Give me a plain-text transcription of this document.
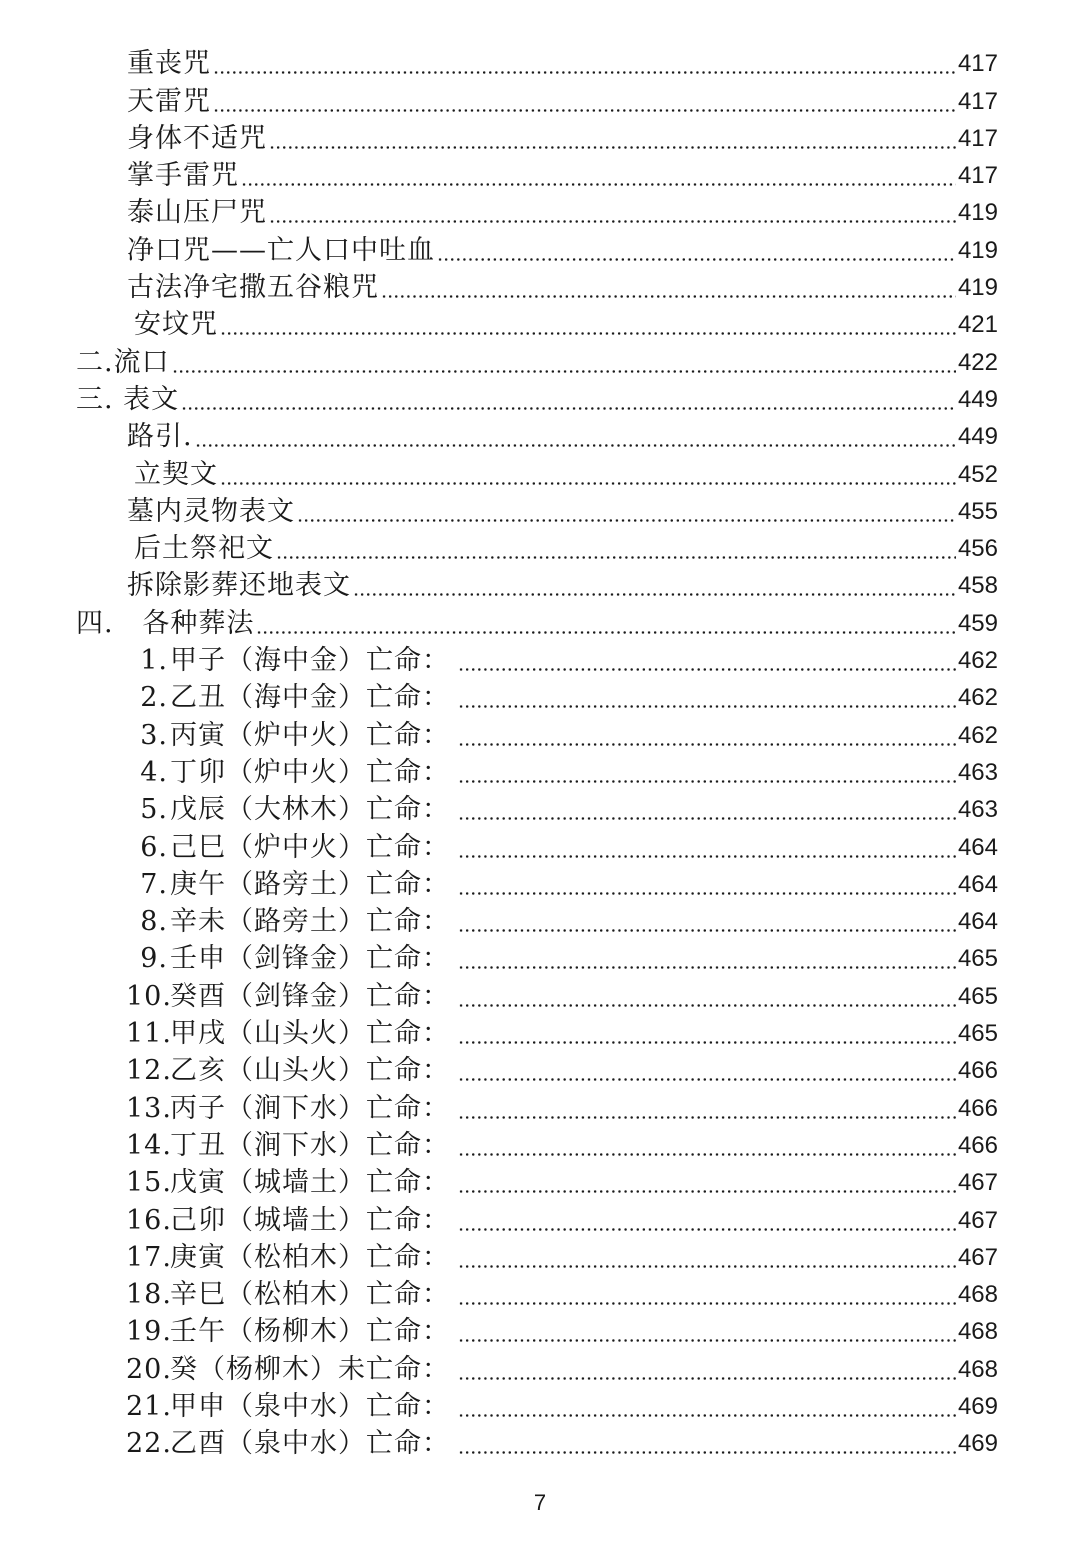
重丧咒	417
天雷咒	417
身体不适咒	417
掌手雷咒	417
泰山压尸咒	419
净口咒——亡人口中吐血	419
古法净宅撒五谷粮咒	419
安坟咒	421
二.流口	422
三. 表文	449
路引.	449
立契文	452
墓内灵物表文	455
后土祭祀文	456
拆除影葬还地表文	458
四.   各种葬法	459
1.甲子（海中金）亡命：	462
2.乙丑（海中金）亡命：	462
3.丙寅（炉中火）亡命：	462
4.丁卯（炉中火）亡命：	463
5.戊辰（大林木）亡命：	463
6.己巳（炉中火）亡命：	464
7.庚午（路旁土）亡命：	464
8.辛未（路旁土）亡命：	464
9.壬申（剑锋金）亡命：	465
10.癸酉（剑锋金）亡命：	465
11.甲戌（山头火）亡命：	465
12.乙亥（山头火）亡命：	466
13.丙子（涧下水）亡命：	466
14.丁丑（涧下水）亡命：	466
15.戊寅（城墙土）亡命：	467
16.己卯（城墙土）亡命：	467
17.庚寅（松柏木）亡命：	467
18.辛巳（松柏木）亡命：	468
19.壬午（杨柳木）亡命：	468
20.癸（杨柳木）未亡命：	468
21.甲申（泉中水）亡命：	469
22.乙酉（泉中水）亡命：	469
7
